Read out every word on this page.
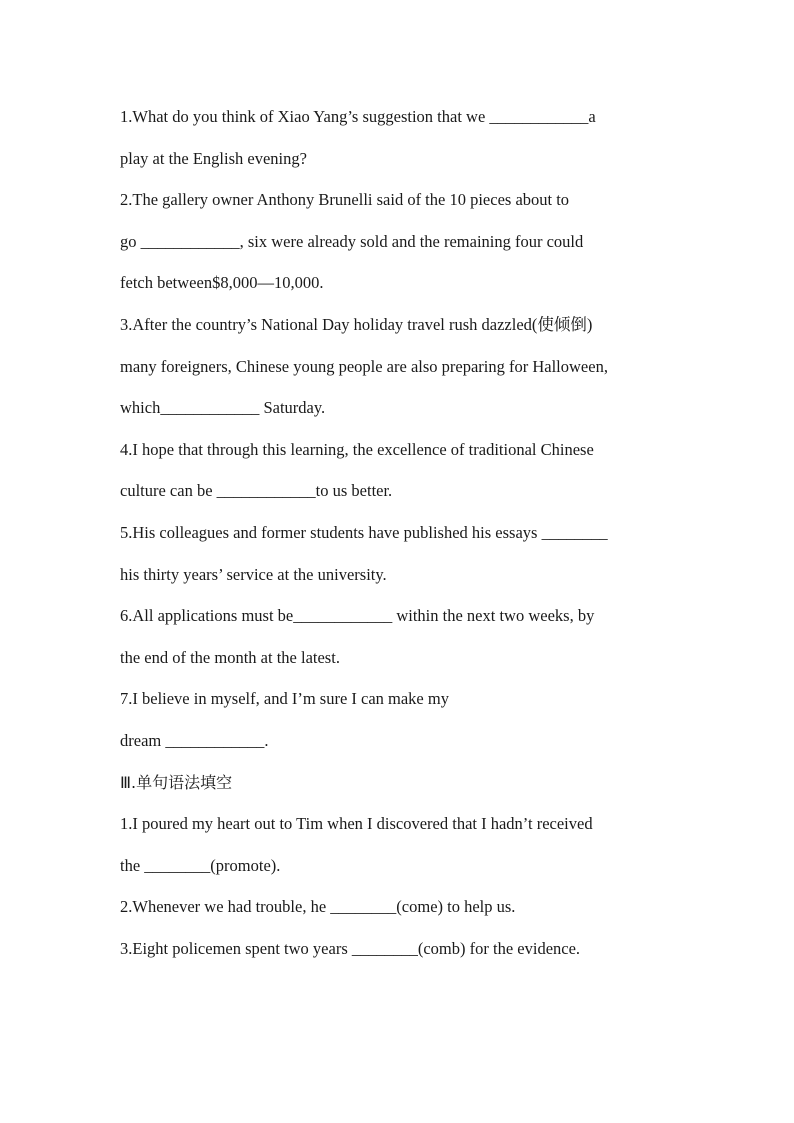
1.What do you think of Xiao Yang’s suggestion that we ____________a
play at the English evening?
2.The gallery owner Anthony Brunelli said of the 10 pieces about to
go ____________, six were already sold and the remaining four could
fetch between$8,000—10,000.
3.After the country’s National Day holiday travel rush dazzled(使倾倒)
many foreigners, Chinese young people are also preparing for Halloween,
which____________ Saturday.
4.I hope that through this learning, the excellence of traditional Chinese
culture can be ____________to us better.
5.His colleagues and former students have published his essays ________
his thirty years’ service at the university.
6.All applications must be____________ within the next two weeks, by
the end of the month at the latest.
7.I believe in myself, and I’m sure I can make my
dream ____________.
Ⅲ.单句语法填空
1.I poured my heart out to Tim when I discovered that I hadn’t received
the ________(promote).
2.Whenever we had trouble, he ________(come) to help us.
3.Eight policemen spent two years ________(comb) for the evidence.
